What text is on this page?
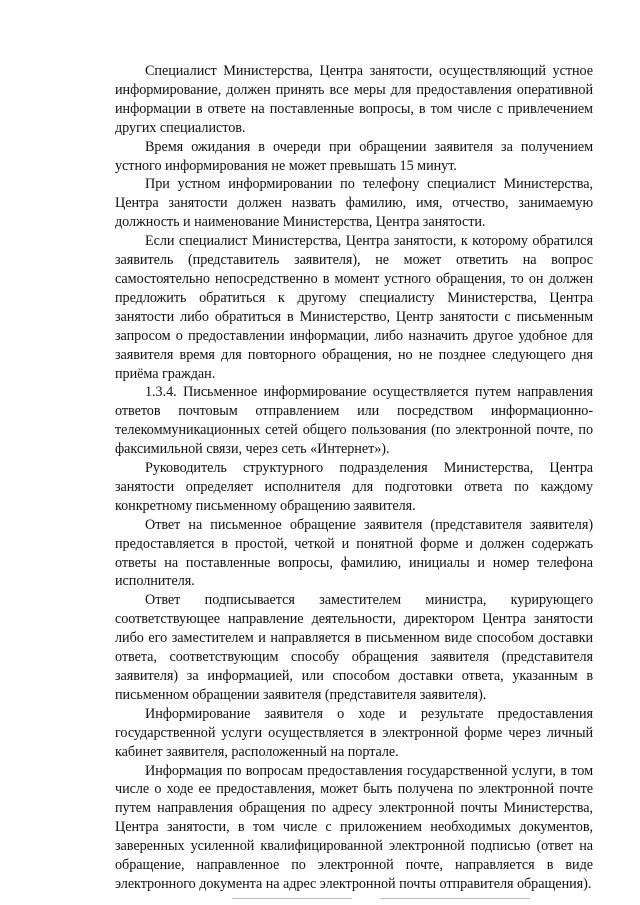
Специалист Министерства, Центра занятости, осуществляющий устное информирование, должен принять все меры для предоставления оперативной информации в ответе на поставленные вопросы, в том числе с привлечением других специалистов.

Время ожидания в очереди при обращении заявителя за получением устного информирования не может превышать 15 минут.

При устном информировании по телефону специалист Министерства, Центра занятости должен назвать фамилию, имя, отчество, занимаемую должность и наименование Министерства, Центра занятости.

Если специалист Министерства, Центра занятости, к которому обратился заявитель (представитель заявителя), не может ответить на вопрос самостоятельно непосредственно в момент устного обращения, то он должен предложить обратиться к другому специалисту Министерства, Центра занятости либо обратиться в Министерство, Центр занятости с письменным запросом о предоставлении информации, либо назначить другое удобное для заявителя время для повторного обращения, но не позднее следующего дня приёма граждан.

1.3.4. Письменное информирование осуществляется путем направления ответов почтовым отправлением или посредством информационно-телекоммуникационных сетей общего пользования (по электронной почте, по факсимильной связи, через сеть «Интернет»).

Руководитель структурного подразделения Министерства, Центра занятости определяет исполнителя для подготовки ответа по каждому конкретному письменному обращению заявителя.

Ответ на письменное обращение заявителя (представителя заявителя) предоставляется в простой, четкой и понятной форме и должен содержать ответы на поставленные вопросы, фамилию, инициалы и номер телефона исполнителя.

Ответ подписывается заместителем министра, курирующего соответствующее направление деятельности, директором Центра занятости либо его заместителем и направляется в письменном виде способом доставки ответа, соответствующим способу обращения заявителя (представителя заявителя) за информацией, или способом доставки ответа, указанным в письменном обращении заявителя (представителя заявителя).

Информирование заявителя о ходе и результате предоставления государственной услуги осуществляется в электронной форме через личный кабинет заявителя, расположенный на портале.

Информация по вопросам предоставления государственной услуги, в том числе о ходе ее предоставления, может быть получена по электронной почте путем направления обращения по адресу электронной почты Министерства, Центра занятости, в том числе с приложением необходимых документов, заверенных усиленной квалифицированной электронной подписью (ответ на обращение, направленное по электронной почте, направляется в виде электронного документа на адрес электронной почты отправителя обращения).
